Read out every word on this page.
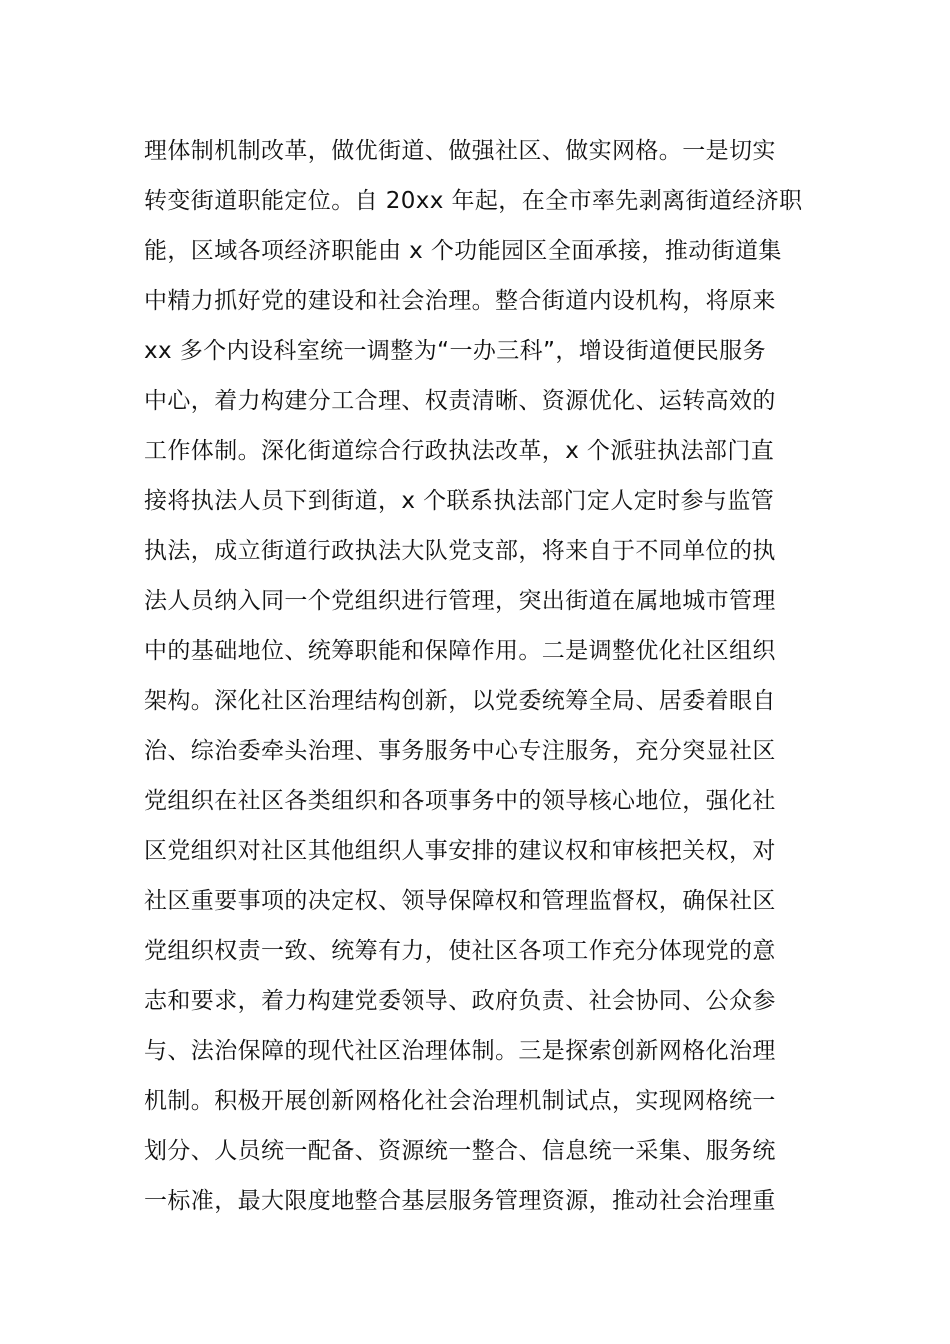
理体制机制改革，做优街道、做强社区、做实网格。一是切实
转变街道职能定位。自 20xx 年起，在全市率先剥离街道经济职
能，区域各项经济职能由 x 个功能园区全面承接，推动街道集
中精力抓好党的建设和社会治理。整合街道内设机构，将原来
xx 多个内设科室统一调整为“一办三科”，增设街道便民服务
中心，着力构建分工合理、权责清晰、资源优化、运转高效的
工作体制。深化街道综合行政执法改革，x 个派驻执法部门直
接将执法人员下到街道，x 个联系执法部门定人定时参与监管
执法，成立街道行政执法大队党支部，将来自于不同单位的执
法人员纳入同一个党组织进行管理，突出街道在属地城市管理
中的基础地位、统筹职能和保障作用。二是调整优化社区组织
架构。深化社区治理结构创新，以党委统筹全局、居委着眼自
治、综治委牵头治理、事务服务中心专注服务，充分突显社区
党组织在社区各类组织和各项事务中的领导核心地位，强化社
区党组织对社区其他组织人事安排的建议权和审核把关权，对
社区重要事项的决定权、领导保障权和管理监督权，确保社区
党组织权责一致、统筹有力，使社区各项工作充分体现党的意
志和要求，着力构建党委领导、政府负责、社会协同、公众参
与、法治保障的现代社区治理体制。三是探索创新网格化治理
机制。积极开展创新网格化社会治理机制试点，实现网格统一
划分、人员统一配备、资源统一整合、信息统一采集、服务统
一标准，最大限度地整合基层服务管理资源，推动社会治理重
